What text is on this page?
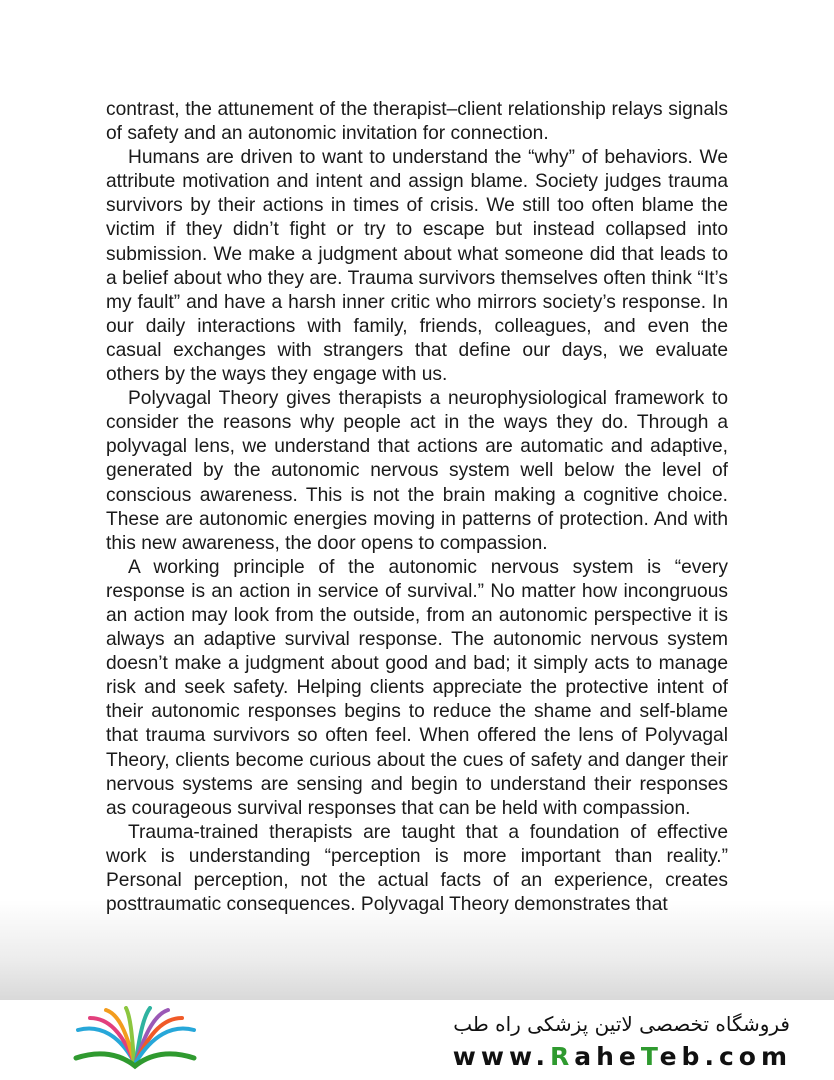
contrast, the attunement of the therapist–client relationship relays signals of safety and an autonomic invitation for connection.

Humans are driven to want to understand the “why” of behaviors. We attribute motivation and intent and assign blame. Society judges trauma survivors by their actions in times of crisis. We still too often blame the victim if they didn’t fight or try to escape but instead collapsed into submission. We make a judgment about what someone did that leads to a belief about who they are. Trauma survivors themselves often think “It’s my fault” and have a harsh inner critic who mirrors society’s response. In our daily interactions with family, friends, colleagues, and even the casual exchanges with strangers that define our days, we evaluate others by the ways they engage with us.

Polyvagal Theory gives therapists a neurophysiological framework to consider the reasons why people act in the ways they do. Through a polyvagal lens, we understand that actions are automatic and adaptive, generated by the autonomic nervous system well below the level of conscious awareness. This is not the brain making a cognitive choice. These are autonomic energies moving in patterns of protection. And with this new awareness, the door opens to compassion.

A working principle of the autonomic nervous system is “every response is an action in service of survival.” No matter how incongruous an action may look from the outside, from an autonomic perspective it is always an adaptive survival response. The autonomic nervous system doesn’t make a judgment about good and bad; it simply acts to manage risk and seek safety. Helping clients appreciate the protective intent of their autonomic responses begins to reduce the shame and self-blame that trauma survivors so often feel. When offered the lens of Polyvagal Theory, clients become curious about the cues of safety and danger their nervous systems are sensing and begin to understand their responses as courageous survival responses that can be held with compassion.

Trauma-trained therapists are taught that a foundation of effective work is understanding “perception is more important than reality.” Personal perception, not the actual facts of an experience, creates posttraumatic consequences. Polyvagal Theory demonstrates that

فروشگاه تخصصی لاتین پزشکی راه طب
www.RaheTeb.com
